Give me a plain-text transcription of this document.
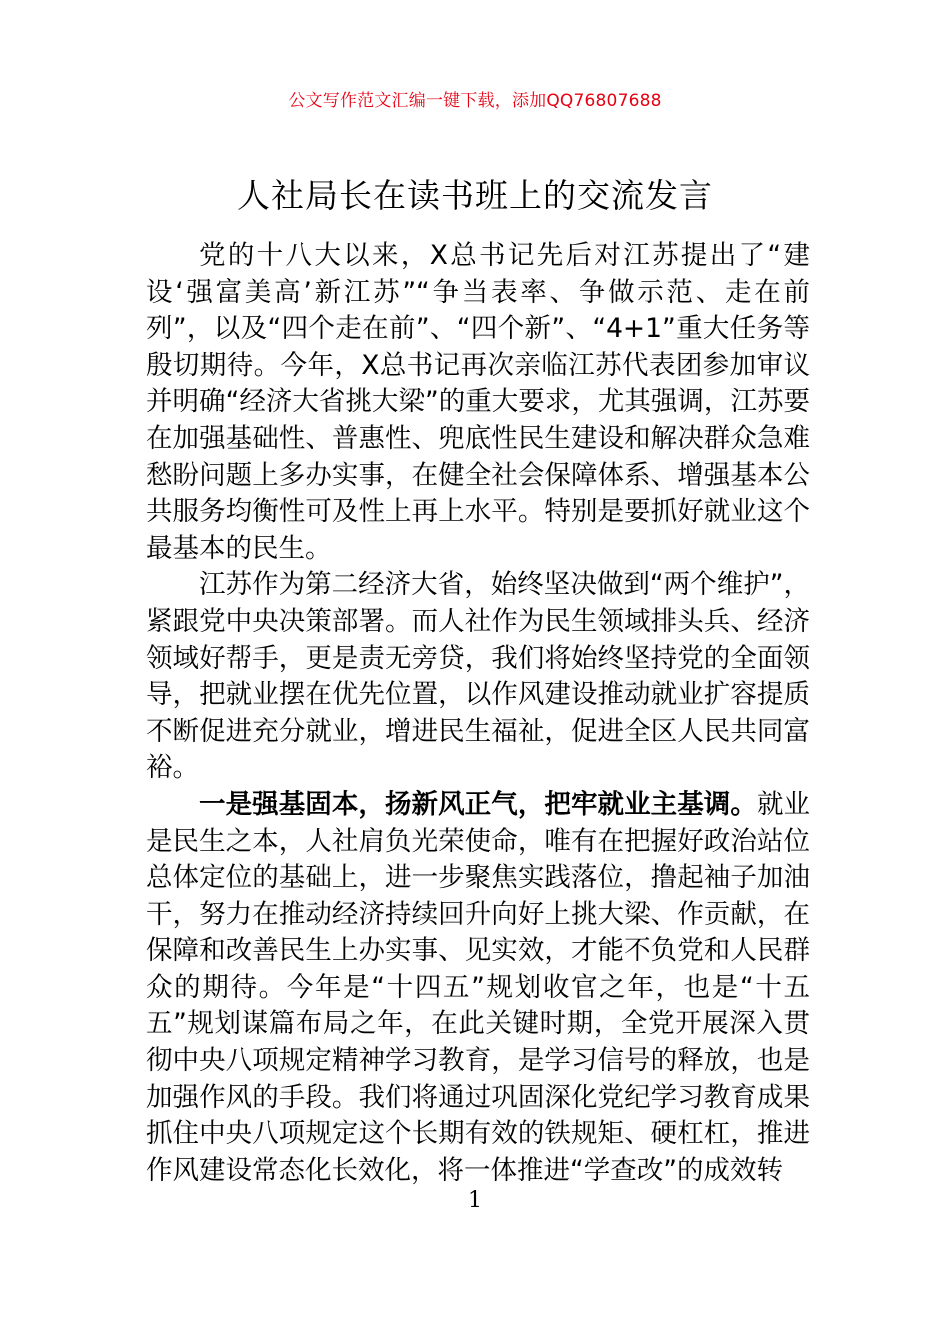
公文写作范文汇编一键下载，添加QQ76807688
人社局长在读书班上的交流发言

党的十八大以来，X总书记先后对江苏提出了“建设‘强富美高’新江苏”“争当表率、争做示范、走在前列”，以及“四个走在前”、“四个新”、“4+1”重大任务等殷切期待。今年，X总书记再次亲临江苏代表团参加审议并明确“经济大省挑大梁”的重大要求，尤其强调，江苏要在加强基础性、普惠性、兜底性民生建设和解决群众急难愁盼问题上多办实事，在健全社会保障体系、增强基本公共服务均衡性可及性上再上水平。特别是要抓好就业这个最基本的民生。

江苏作为第二经济大省，始终坚决做到“两个维护”，紧跟党中央决策部署。而人社作为民生领域排头兵、经济领域好帮手，更是责无旁贷，我们将始终坚持党的全面领导，把就业摆在优先位置，以作风建设推动就业扩容提质不断促进充分就业，增进民生福祉，促进全区人民共同富裕。

一是强基固本，扬新风正气，把牢就业主基调。就业是民生之本，人社肩负光荣使命，唯有在把握好政治站位总体定位的基础上，进一步聚焦实践落位，撸起袖子加油干，努力在推动经济持续回升向好上挑大梁、作贡献，在保障和改善民生上办实事、见实效，才能不负党和人民群众的期待。今年是“十四五”规划收官之年，也是“十五五”规划谋篇布局之年，在此关键时期，全党开展深入贯彻中央八项规定精神学习教育，是学习信号的释放，也是加强作风的手段。我们将通过巩固深化党纪学习教育成果抓住中央八项规定这个长期有效的铁规矩、硬杠杠，推进作风建设常态化长效化，将一体推进“学查改”的成效转

1
